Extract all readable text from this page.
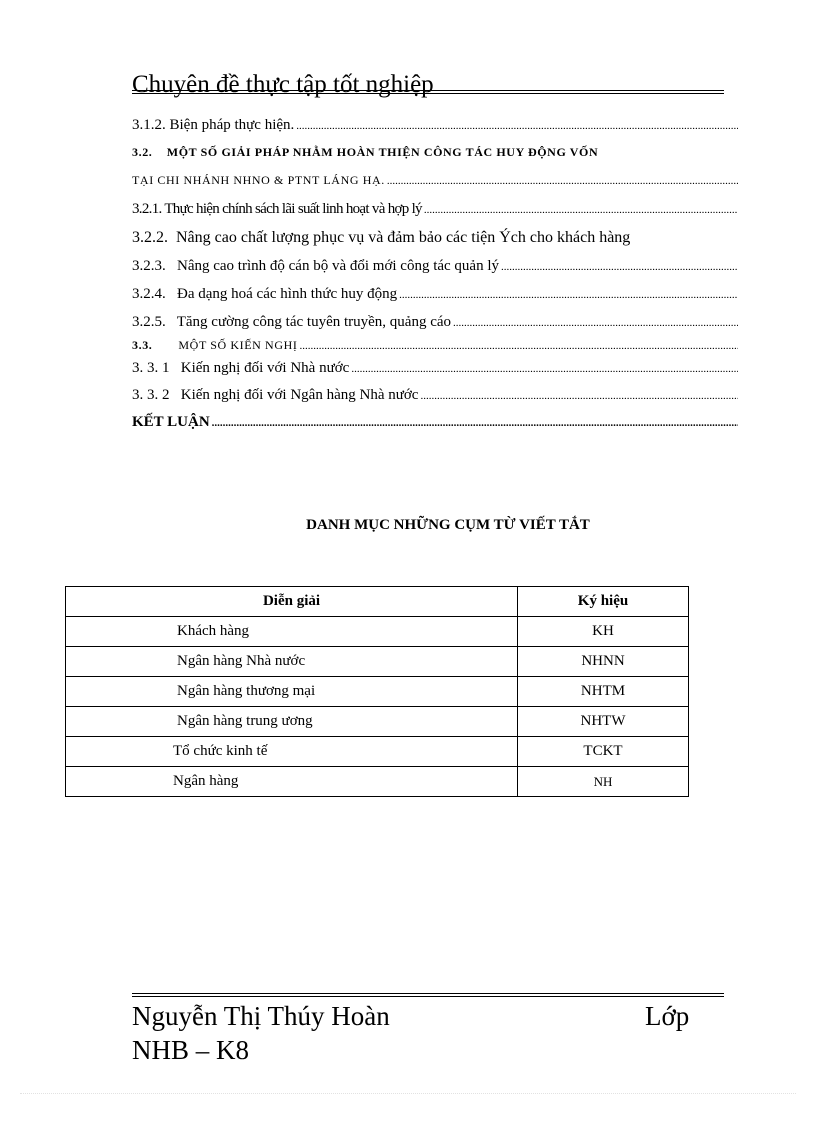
Chuyên đề thực tập tốt nghiệp
3.1.2. Biện pháp thực hiện.
.....
3.2.    MỘT SỐ GIẢI PHÁP NHẰM HOÀN THIỆN CÔNG TÁC HUY ĐỘNG VỐN
TẠI CHI NHÁNH NHNO & PTNT LÁNG HẠ.
.....
3.2.1. Thực hiện chính sách lãi suất linh hoạt và hợp lý
.....
3.2.2.  Nâng cao chất lượng phục vụ và đảm bảo các tiện Ých cho khách hàng
3.2.3.   Nâng cao trình độ cán bộ và đổi mới công tác quản lý
.....
3.2.4.   Đa dạng hoá các hình thức huy động
.....
3.2.5.   Tăng cường công tác tuyên truyền, quảng cáo
.....
3.3. MỘT SỐ KIẾN NGHỊ
.....
3. 3. 1   Kiến nghị đối với Nhà nước
.....
3. 3. 2   Kiến nghị đối với Ngân hàng Nhà nước
.....
KẾT LUẬN
.....
DANH MỤC NHỮNG CỤM TỪ VIẾT TẮT
Diễn giải	Ký hiệu
Khách hàng	KH
Ngân hàng Nhà nước	NHNN
Ngân hàng thương mại	NHTM
Ngân hàng trung ương	NHTW
Tổ chức kinh tế	TCKT
Ngân hàng	NH
Nguyễn Thị Thúy Hoàn	Lớp
NHB – K8
